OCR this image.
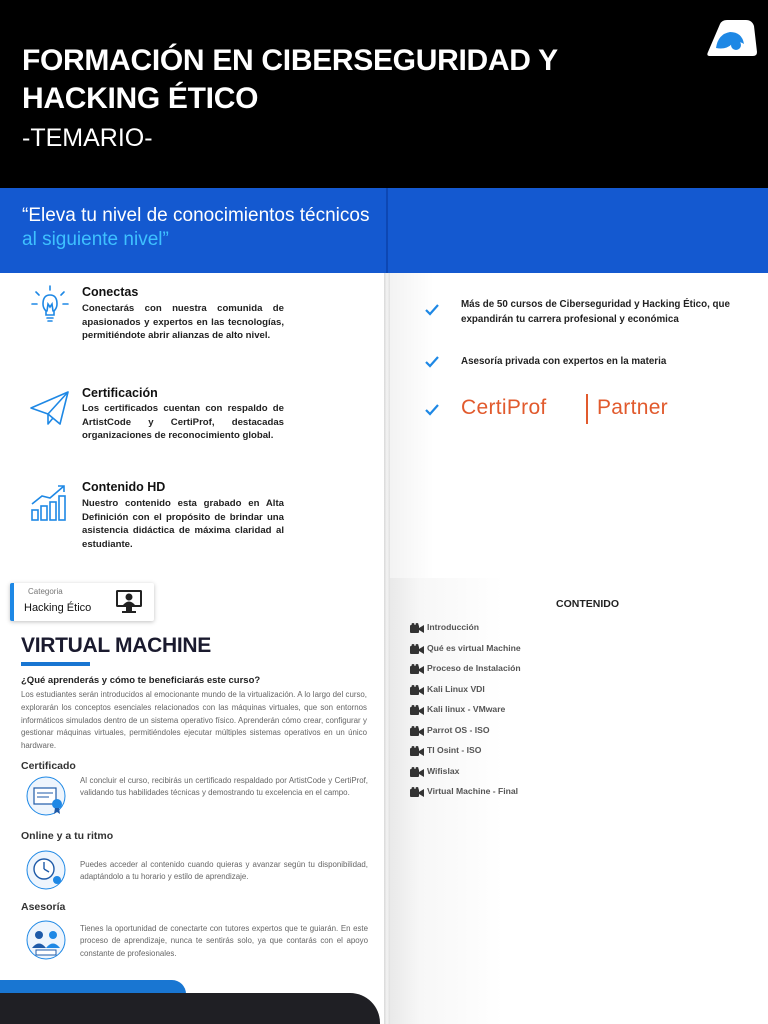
FORMACIÓN EN CIBERSEGURIDAD Y HACKING ÉTICO
-TEMARIO-
“Eleva tu nivel de conocimientos técnicos al siguiente nivel”
Conectas
Conectarás con nuestra comunida de apasionados y expertos en las tecnologías, permitiéndote abrir alianzas de alto nivel.
Certificación
Los certificados cuentan con respaldo de ArtistCode y CertiProf, destacadas organizaciones de reconocimiento global.
Contenido HD
Nuestro contenido esta grabado en Alta Definición con el propósito de brindar una asistencia didáctica de máxima claridad al estudiante.
Más de 50 cursos de Ciberseguridad y Hacking Ético, que expandirán tu carrera profesional y económica
Asesoría privada con expertos en la materia
CertiProf Partner
Categoria
Hacking Ético
VIRTUAL MACHINE
¿Qué aprenderás y cómo te beneficiarás este curso?
Los estudiantes serán introducidos al emocionante mundo de la virtualización. A lo largo del curso, explorarán los conceptos esenciales relacionados con las máquinas virtuales, que son entornos informáticos simulados dentro de un sistema operativo físico. Aprenderán cómo crear, configurar y gestionar máquinas virtuales, permitiéndoles ejecutar múltiples sistemas operativos en un único hardware.
Certificado
Al concluir el curso, recibirás un certificado respaldado por ArtistCode y CertiProf, validando tus habilidades técnicas y demostrando tu excelencia en el campo.
Online y a tu ritmo
Puedes acceder al contenido cuando quieras y avanzar según tu disponibilidad, adaptándolo a tu horario y estilo de aprendizaje.
Asesoría
Tienes la oportunidad de conectarte con tutores expertos que te guiarán. En este proceso de aprendizaje, nunca te sentirás solo, ya que contarás con el apoyo constante de profesionales.
CONTENIDO
Introducción
Qué es virtual Machine
Proceso de Instalación
Kali Linux VDI
Kali linux - VMware
Parrot OS - ISO
TI Osint - ISO
Wifislax
Virtual Machine - Final
